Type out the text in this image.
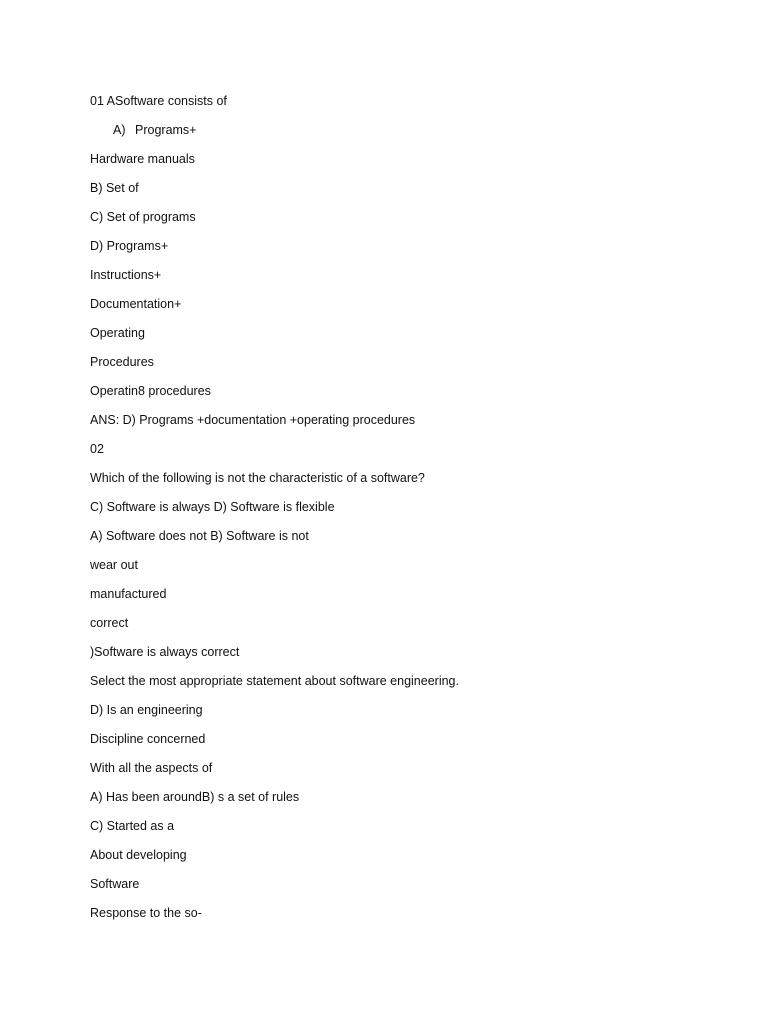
01 ASoftware consists of
A) Programs+
Hardware manuals
B) Set of
C) Set of programs
D) Programs+
Instructions+
Documentation+
Operating
Procedures
Operatin8 procedures
ANS: D) Programs +documentation +operating procedures
02
Which of the following is not the characteristic of a software?
C) Software is always D) Software is flexible
A) Software does not B) Software is not
wear out
manufactured
correct
)Software is always correct
Select the most appropriate statement about software engineering.
D) Is an engineering
Discipline concerned
With all the aspects of
A) Has been aroundB) s a set of rules
C) Started as a
About developing
Software
Response to the so-
